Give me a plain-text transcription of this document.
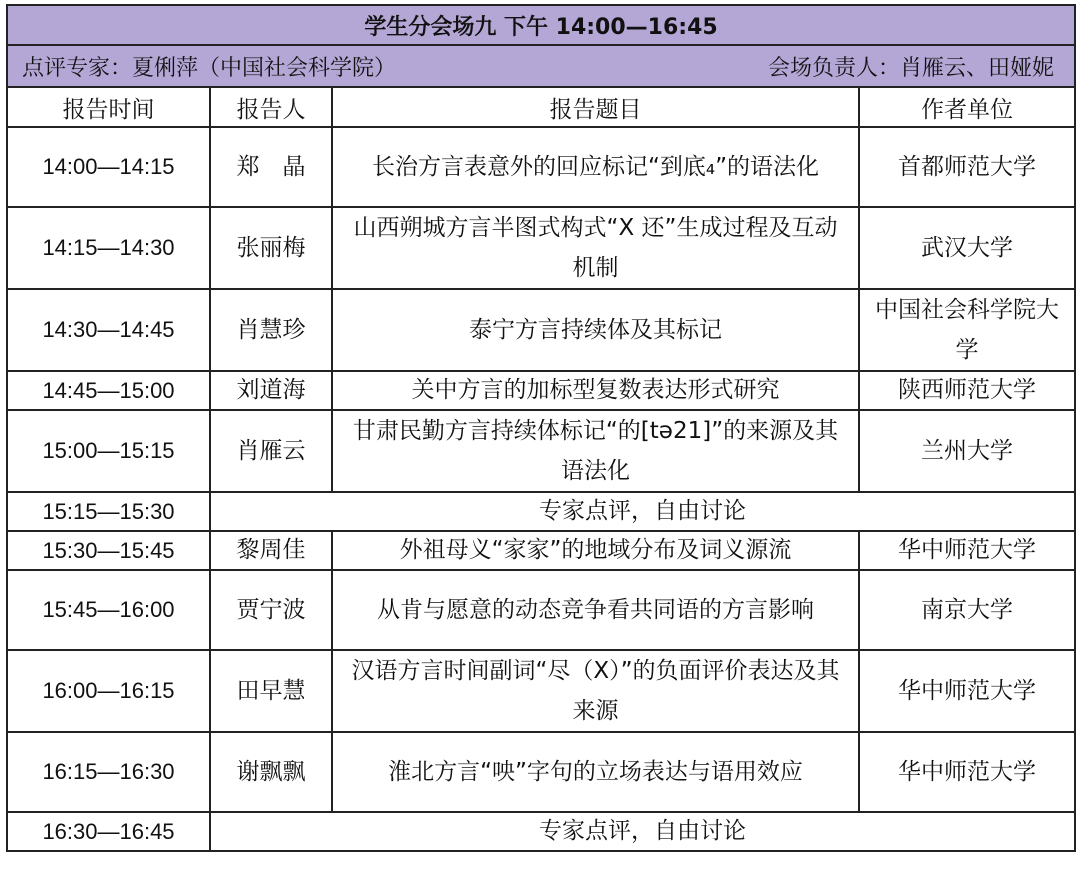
学生分会场九 下午 14:00—16:45			

点评专家：夏俐萍（中国社会科学院） 会场负责人：肖雁云、田娅妮			

报告时间	报告人	报告题目	作者单位
14:00—14:15	郑　晶	长治方言表意外的回应标记“到底₄”的语法化	首都师范大学
14:15—14:30	张丽梅	山西朔城方言半图式构式“X 还”生成过程及互动机制	武汉大学
14:30—14:45	肖慧珍	泰宁方言持续体及其标记	中国社会科学院大学
14:45—15:00	刘道海	关中方言的加标型复数表达形式研究	陕西师范大学
15:00—15:15	肖雁云	甘肃民勤方言持续体标记“的[tə21]”的来源及其语法化	兰州大学
15:15—15:30	专家点评，自由讨论		
15:30—15:45	黎周佳	外祖母义“家家”的地域分布及词义源流	华中师范大学
15:45—16:00	贾宁波	从肯与愿意的动态竞争看共同语的方言影响	南京大学
16:00—16:15	田早慧	汉语方言时间副词“尽（X）”的负面评价表达及其来源	华中师范大学
16:15—16:30	谢飘飘	淮北方言“咉”字句的立场表达与语用效应	华中师范大学
16:30—16:45	专家点评，自由讨论		
